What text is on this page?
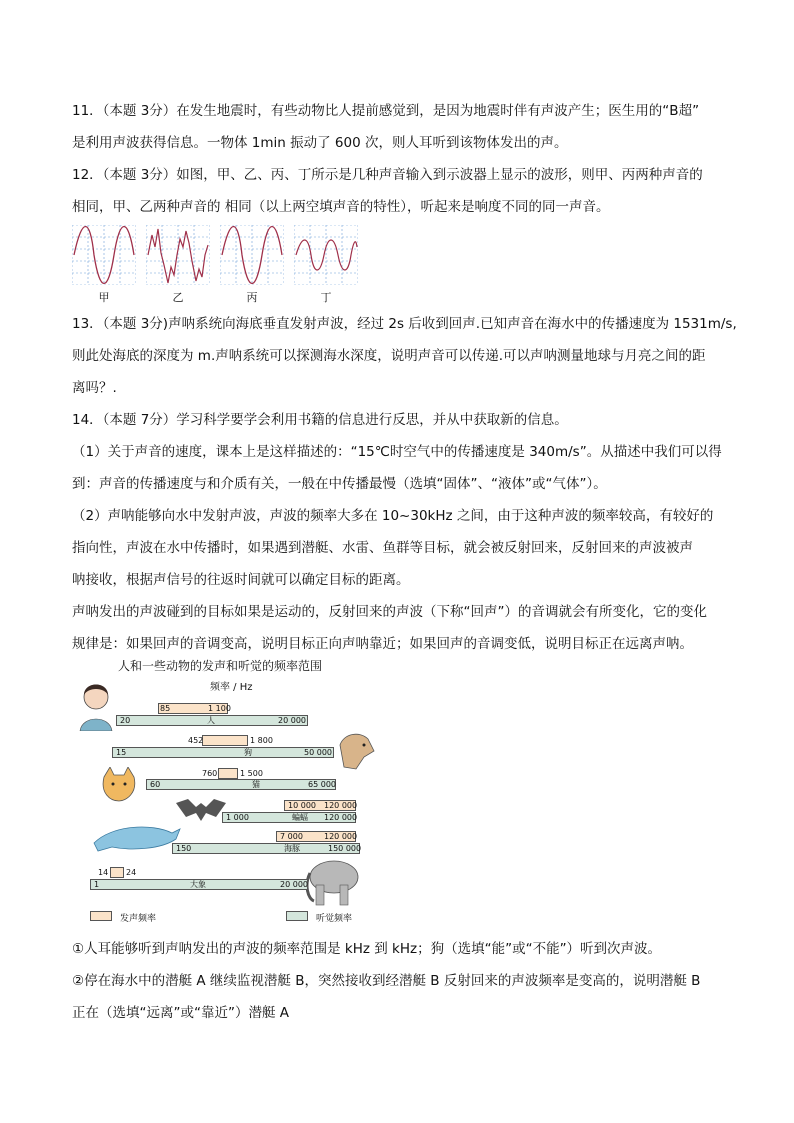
11．（本题 3分）在发生地震时，有些动物比人提前感觉到，是因为地震时伴有声波产生；医生用的“B超”
是利用声波获得信息。一物体 1min 振动了 600 次，则人耳听到该物体发出的声。
12．（本题 3分）如图，甲、乙、丙、丁所示是几种声音输入到示波器上显示的波形，则甲、丙两种声音的
相同，甲、乙两种声音的 相同（以上两空填声音的特性），听起来是响度不同的同一声音。
甲	乙	丙	丁
13．（本题 3分)声呐系统向海底垂直发射声波，经过 2s 后收到回声.已知声音在海水中的传播速度为 1531m/s,
则此处海底的深度为 m.声呐系统可以探测海水深度，说明声音可以传递.可以声呐测量地球与月亮之间的距
离吗？.
14．（本题 7分）学习科学要学会利用书籍的信息进行反思，并从中获取新的信息。
（1）关于声音的速度，课本上是这样描述的：“15℃时空气中的传播速度是 340m/s”。从描述中我们可以得
到：声音的传播速度与和介质有关，一般在中传播最慢（选填“固体”、“液体”或“气体”）。
（2）声呐能够向水中发射声波，声波的频率大多在 10~30kHz 之间，由于这种声波的频率较高，有较好的
指向性，声波在水中传播时，如果遇到潜艇、水雷、鱼群等目标，就会被反射回来，反射回来的声波被声
呐接收，根据声信号的往返时间就可以确定目标的距离。
声呐发出的声波碰到的目标如果是运动的，反射回来的声波（下称“回声”）的音调就会有所变化，它的变化
规律是：如果回声的音调变高，说明目标正向声呐靠近；如果回声的音调变低，说明目标正在远离声呐。
人和一些动物的发声和听觉的频率范围
频率 / Hz
85	1 100
20	人	20 000
452	1 800
15	狗	50 000
760	1 500
60	猫	65 000
10 000 120 000
1 000	蝙蝠 120 000
7 000	120 000
150	海豚	150 000
14 24
1	大象	20 000
发声频率	听觉频率
①人耳能够听到声呐发出的声波的频率范围是 kHz 到 kHz；狗（选填“能”或“不能”）听到次声波。
②停在海水中的潜艇 A 继续监视潜艇 B，突然接收到经潜艇 B 反射回来的声波频率是变高的，说明潜艇 B
正在（选填“远离”或“靠近”）潜艇 A
